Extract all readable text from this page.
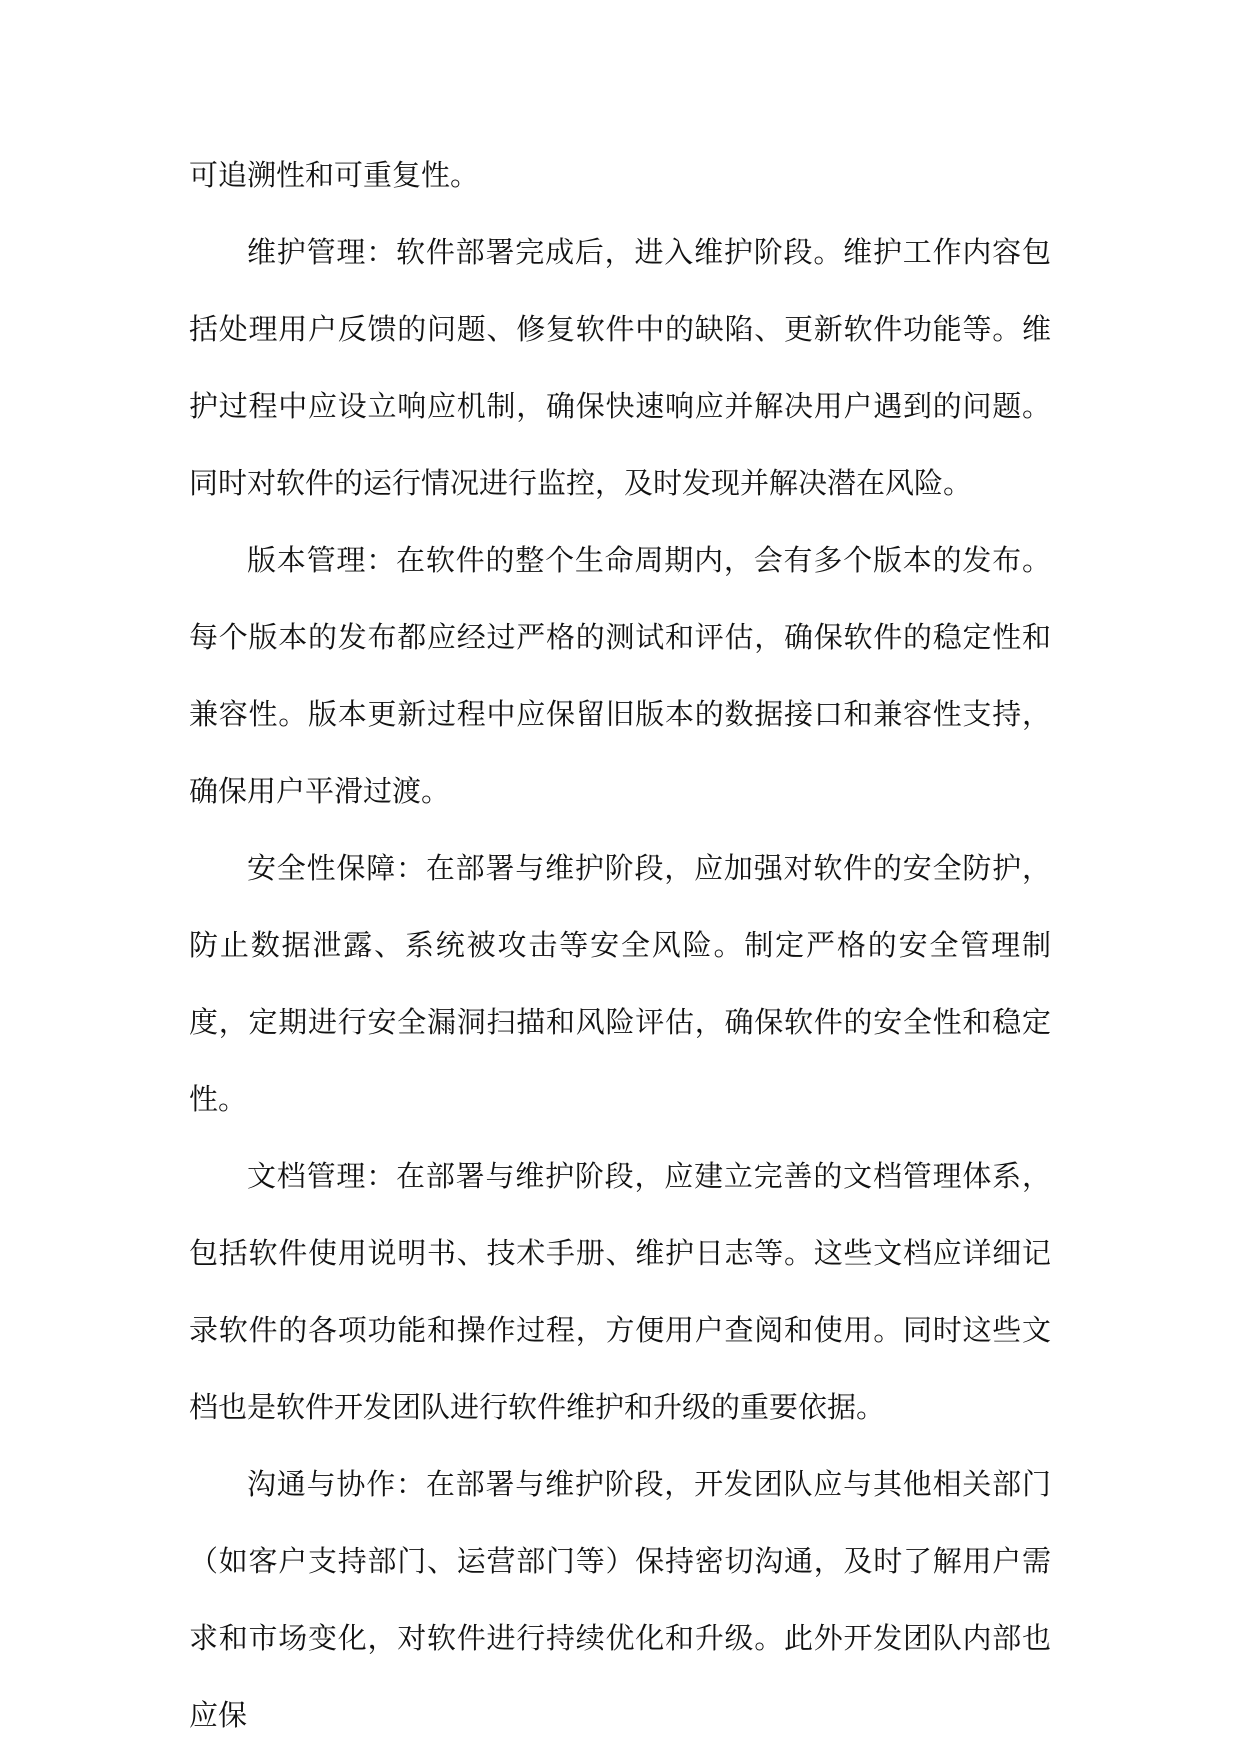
可追溯性和可重复性。

维护管理：软件部署完成后，进入维护阶段。维护工作内容包括处理用户反馈的问题、修复软件中的缺陷、更新软件功能等。维护过程中应设立响应机制，确保快速响应并解决用户遇到的问题。同时对软件的运行情况进行监控，及时发现并解决潜在风险。

版本管理：在软件的整个生命周期内，会有多个版本的发布。每个版本的发布都应经过严格的测试和评估，确保软件的稳定性和兼容性。版本更新过程中应保留旧版本的数据接口和兼容性支持，确保用户平滑过渡。

安全性保障：在部署与维护阶段，应加强对软件的安全防护，防止数据泄露、系统被攻击等安全风险。制定严格的安全管理制度，定期进行安全漏洞扫描和风险评估，确保软件的安全性和稳定性。

文档管理：在部署与维护阶段，应建立完善的文档管理体系，包括软件使用说明书、技术手册、维护日志等。这些文档应详细记录软件的各项功能和操作过程，方便用户查阅和使用。同时这些文档也是软件开发团队进行软件维护和升级的重要依据。

沟通与协作：在部署与维护阶段，开发团队应与其他相关部门（如客户支持部门、运营部门等）保持密切沟通，及时了解用户需求和市场变化，对软件进行持续优化和升级。此外开发团队内部也应保
